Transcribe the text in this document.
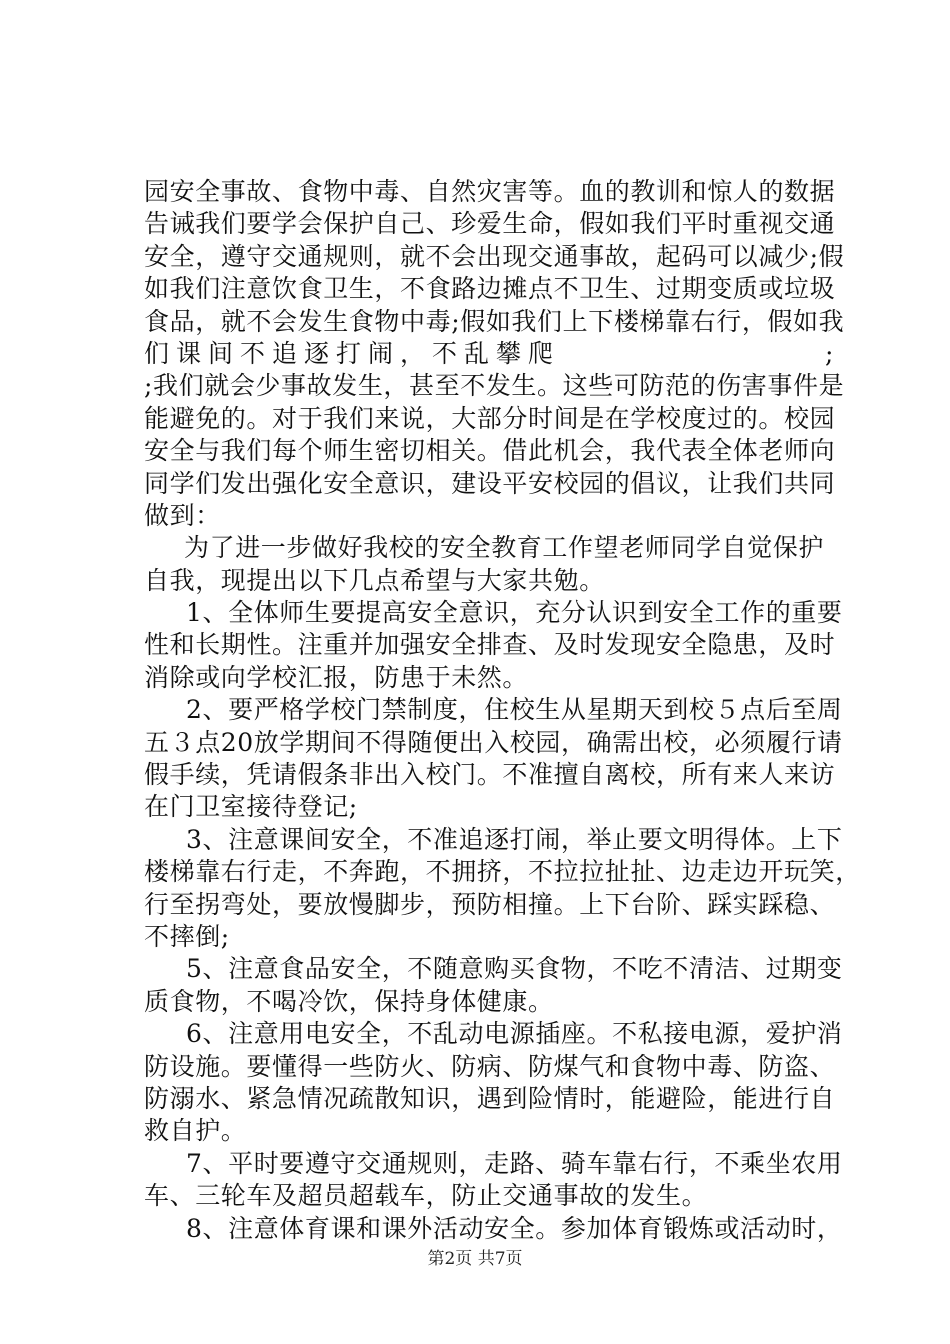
园安全事故、食物中毒、自然灾害等。血的教训和惊人的数据
告诫我们要学会保护自己、珍爱生命，假如我们平时重视交通
安全，遵守交通规则，就不会出现交通事故，起码可以减少;假
如我们注意饮食卫生，不食路边摊点不卫生、过期变质或垃圾
食品，就不会发生食物中毒;假如我们上下楼梯靠右行，假如我
们课间不追逐打闹，不乱攀爬	;
;我们就会少事故发生，甚至不发生。这些可防范的伤害事件是
能避免的。对于我们来说，大部分时间是在学校度过的。校园
安全与我们每个师生密切相关。借此机会，我代表全体老师向
同学们发出强化安全意识，建设平安校园的倡议，让我们共同
做到：
为了进一步做好我校的安全教育工作望老师同学自觉保护
自我，现提出以下几点希望与大家共勉。
1、全体师生要提高安全意识，充分认识到安全工作的重要
性和长期性。注重并加强安全排查、及时发现安全隐患，及时
消除或向学校汇报，防患于未然。
2、要严格学校门禁制度，住校生从星期天到校５点后至周
五３点20放学期间不得随便出入校园，确需出校，必须履行请
假手续，凭请假条非出入校门。不准擅自离校，所有来人来访
在门卫室接待登记;
3、注意课间安全，不准追逐打闹，举止要文明得体。上下
楼梯靠右行走，不奔跑，不拥挤，不拉拉扯扯、边走边开玩笑，
行至拐弯处，要放慢脚步，预防相撞。上下台阶、踩实踩稳、
不摔倒;
5、注意食品安全，不随意购买食物，不吃不清洁、过期变
质食物，不喝冷饮，保持身体健康。
6、注意用电安全，不乱动电源插座。不私接电源，爱护消
防设施。要懂得一些防火、防病、防煤气和食物中毒、防盗、
防溺水、紧急情况疏散知识，遇到险情时，能避险，能进行自
救自护。
7、平时要遵守交通规则，走路、骑车靠右行，不乘坐农用
车、三轮车及超员超载车，防止交通事故的发生。
8、注意体育课和课外活动安全。参加体育锻炼或活动时，
第2页 共7页
